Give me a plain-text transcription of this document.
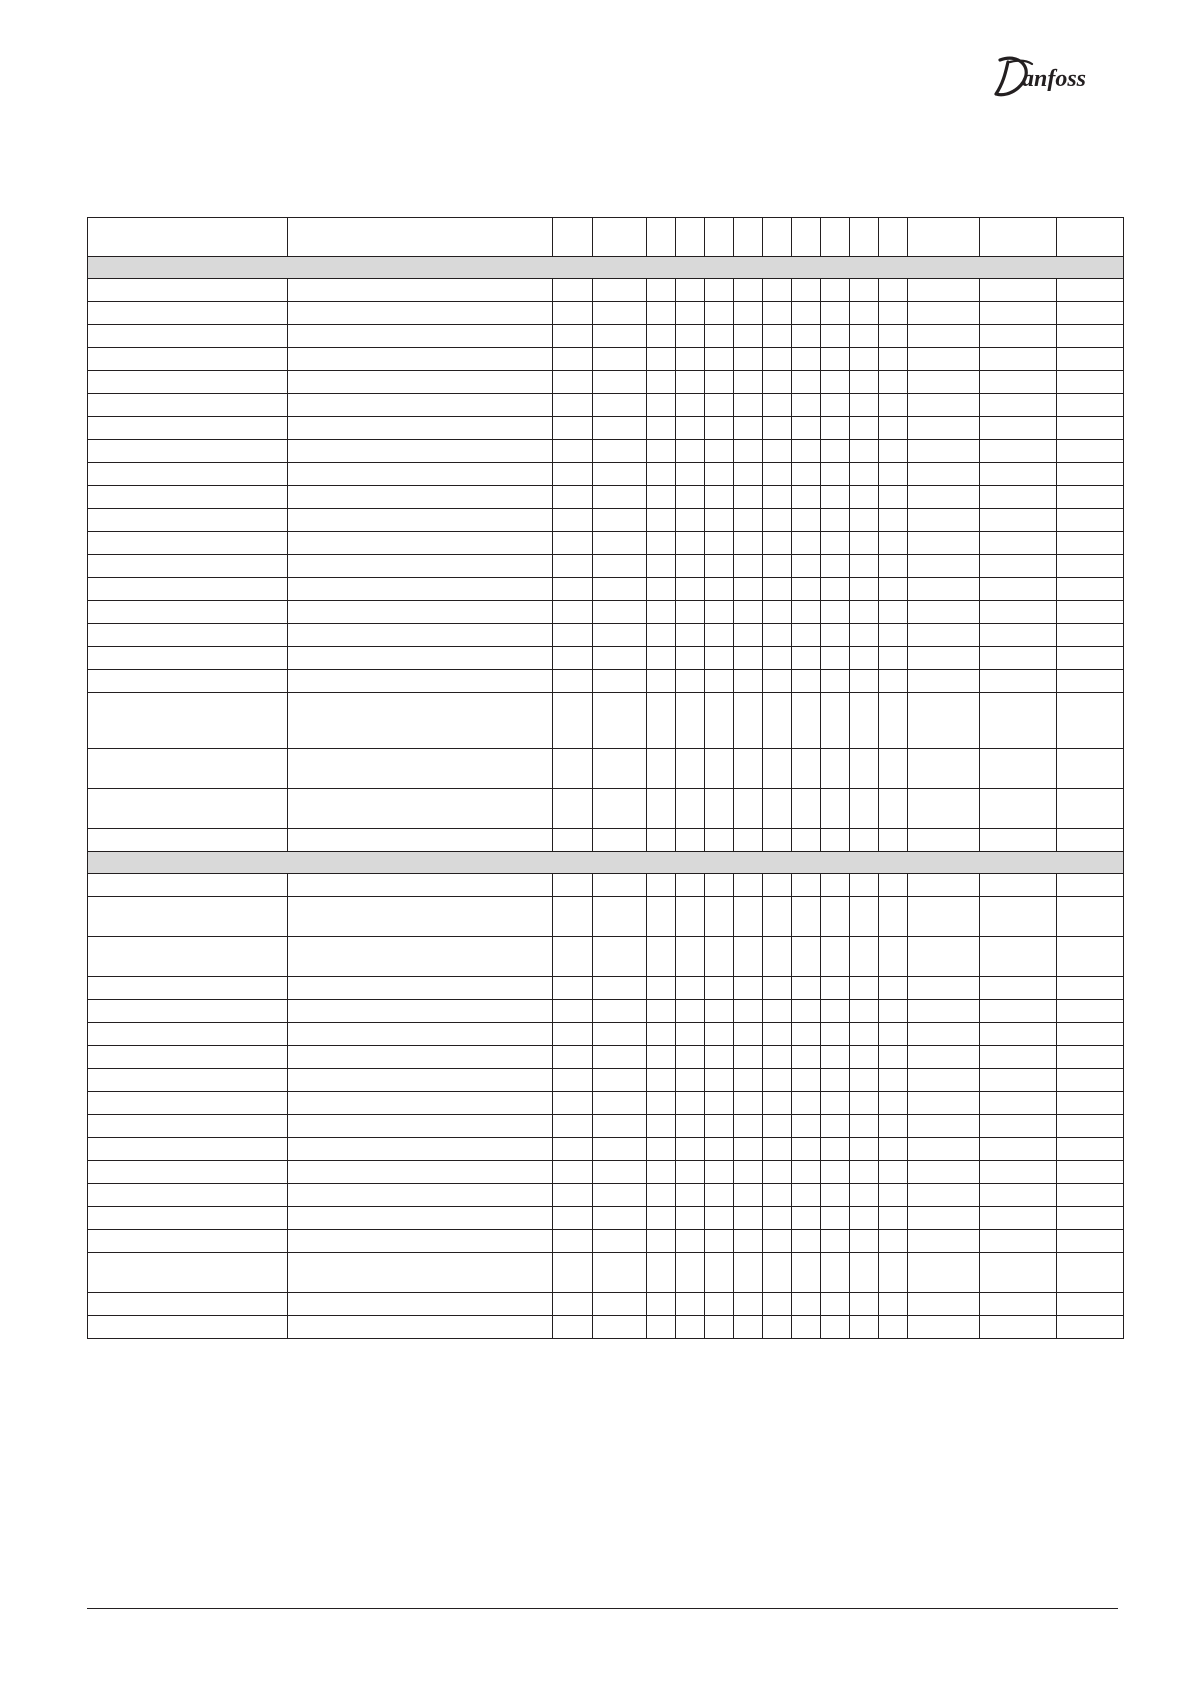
anfoss
